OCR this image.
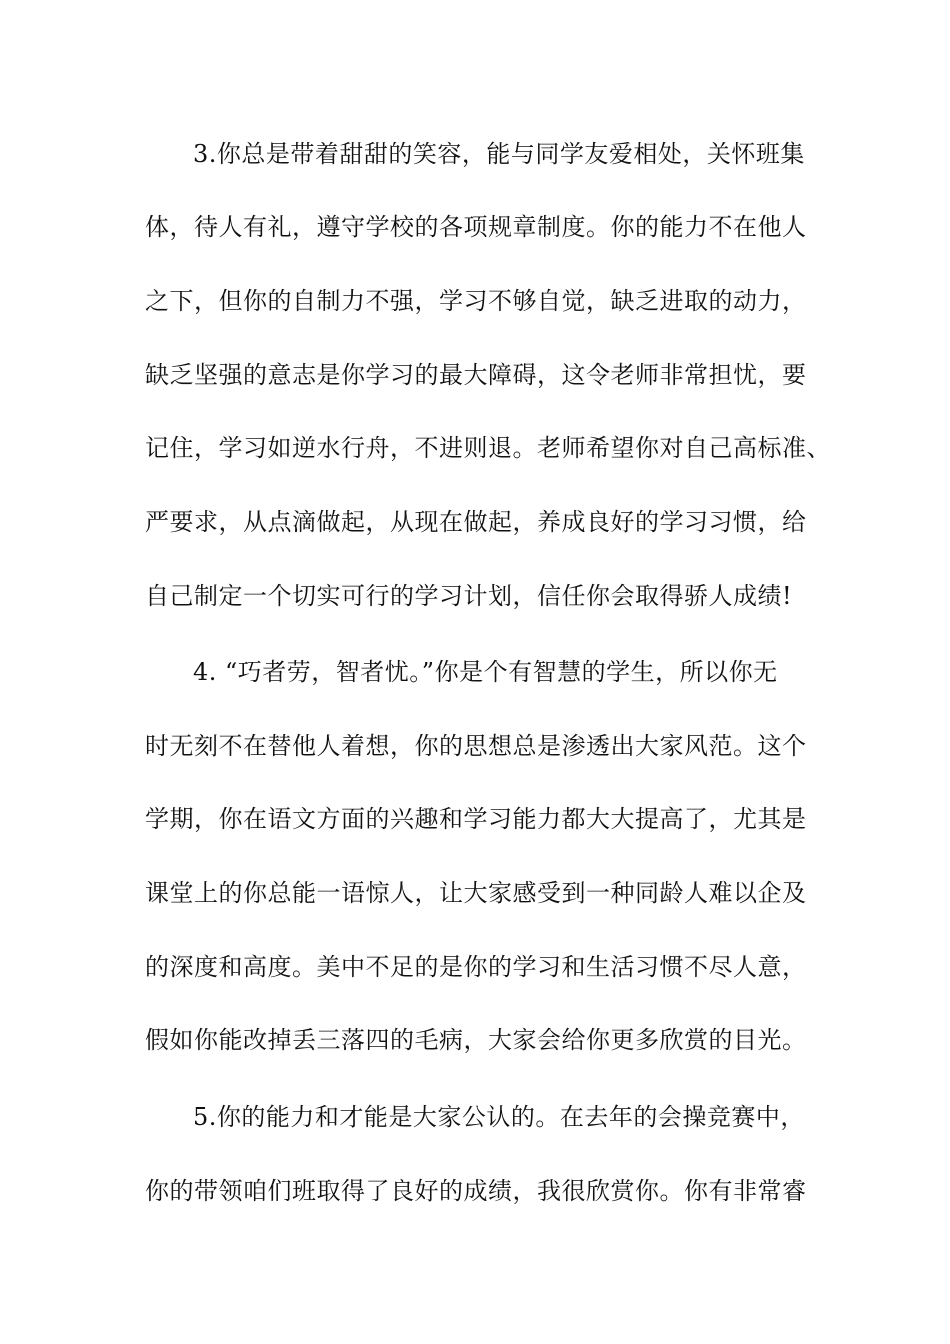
3.你总是带着甜甜的笑容，能与同学友爱相处，关怀班集
体，待人有礼，遵守学校的各项规章制度。你的能力不在他人
之下，但你的自制力不强，学习不够自觉，缺乏进取的动力，
缺乏坚强的意志是你学习的最大障碍，这令老师非常担忧，要
记住，学习如逆水行舟，不进则退。老师希望你对自己高标准、
严要求，从点滴做起，从现在做起，养成良好的学习习惯，给
自己制定一个切实可行的学习计划，信任你会取得骄人成绩!
4. “巧者劳，智者忧。”你是个有智慧的学生，所以你无
时无刻不在替他人着想，你的思想总是渗透出大家风范。这个
学期，你在语文方面的兴趣和学习能力都大大提高了，尤其是
课堂上的你总能一语惊人，让大家感受到一种同龄人难以企及
的深度和高度。美中不足的是你的学习和生活习惯不尽人意，
假如你能改掉丢三落四的毛病，大家会给你更多欣赏的目光。
5.你的能力和才能是大家公认的。在去年的会操竞赛中，
你的带领咱们班取得了良好的成绩，我很欣赏你。你有非常睿
